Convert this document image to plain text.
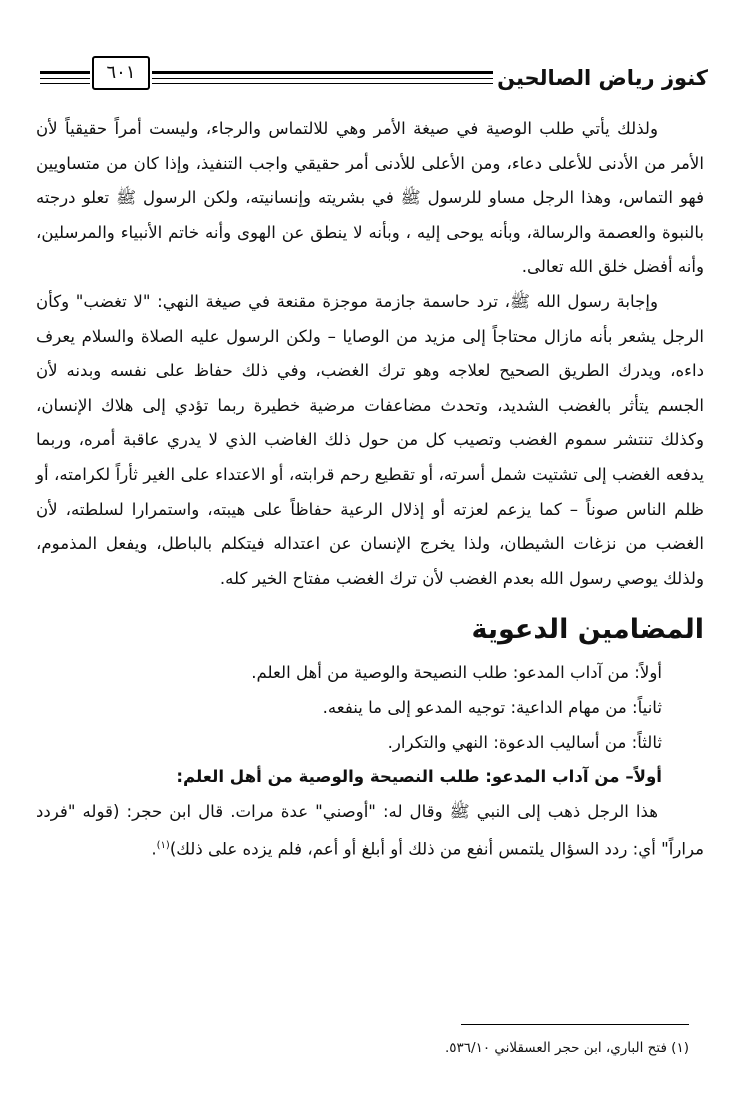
كنوز رياض الصالحين
٦٠١

ولذلك يأتي طلب الوصية في صيغة الأمر وهي للالتماس والرجاء، وليست أمراً حقيقياً لأن الأمر من الأدنى للأعلى دعاء، ومن الأعلى للأدنى أمر حقيقي واجب التنفيذ، وإذا كان من متساويين فهو التماس، وهذا الرجل مساو للرسول ﷺ في بشريته وإنسانيته، ولكن الرسول ﷺ تعلو درجته بالنبوة والعصمة والرسالة، وبأنه يوحى إليه ، وبأنه لا ينطق عن الهوى وأنه خاتم الأنبياء والمرسلين، وأنه أفضل خلق الله تعالى.

وإجابة رسول الله ﷺ، ترد حاسمة جازمة موجزة مقنعة في صيغة النهي: "لا تغضب" وكأن الرجل يشعر بأنه مازال محتاجاً إلى مزيد من الوصايا – ولكن الرسول عليه الصلاة والسلام يعرف داءه، ويدرك الطريق الصحيح لعلاجه وهو ترك الغضب، وفي ذلك حفاظ على نفسه وبدنه لأن الجسم يتأثر بالغضب الشديد، وتحدث مضاعفات مرضية خطيرة ربما تؤدي إلى هلاك الإنسان، وكذلك تنتشر سموم الغضب وتصيب كل من حول ذلك الغاضب الذي لا يدري عاقبة أمره، وربما يدفعه الغضب إلى تشتيت شمل أسرته، أو تقطيع رحم قرابته، أو الاعتداء على الغير ثأراً لكرامته، أو ظلم الناس صوناً – كما يزعم لعزته أو إذلال الرعية حفاظاً على هيبته، واستمرارا لسلطته، لأن الغضب من نزغات الشيطان، ولذا يخرج الإنسان عن اعتداله فيتكلم بالباطل، ويفعل المذموم، ولذلك يوصي رسول الله بعدم الغضب لأن ترك الغضب مفتاح الخير كله.

المضامين الدعوية

أولاً: من آداب المدعو: طلب النصيحة والوصية من أهل العلم.

ثانياً: من مهام الداعية: توجيه المدعو إلى ما ينفعه.

ثالثاً: من أساليب الدعوة: النهي والتكرار.

أولاً– من آداب المدعو: طلب النصيحة والوصية من أهل العلم:

هذا الرجل ذهب إلى النبي ﷺ وقال له: "أوصني" عدة مرات. قال ابن حجر: (قوله "فردد مراراً" أي: ردد السؤال يلتمس أنفع من ذلك أو أبلغ أو أعم، فلم يزده على ذلك)$^{(١)}$.

(١) فتح الباري، ابن حجر العسقلاني ٥٣٦/١٠.
